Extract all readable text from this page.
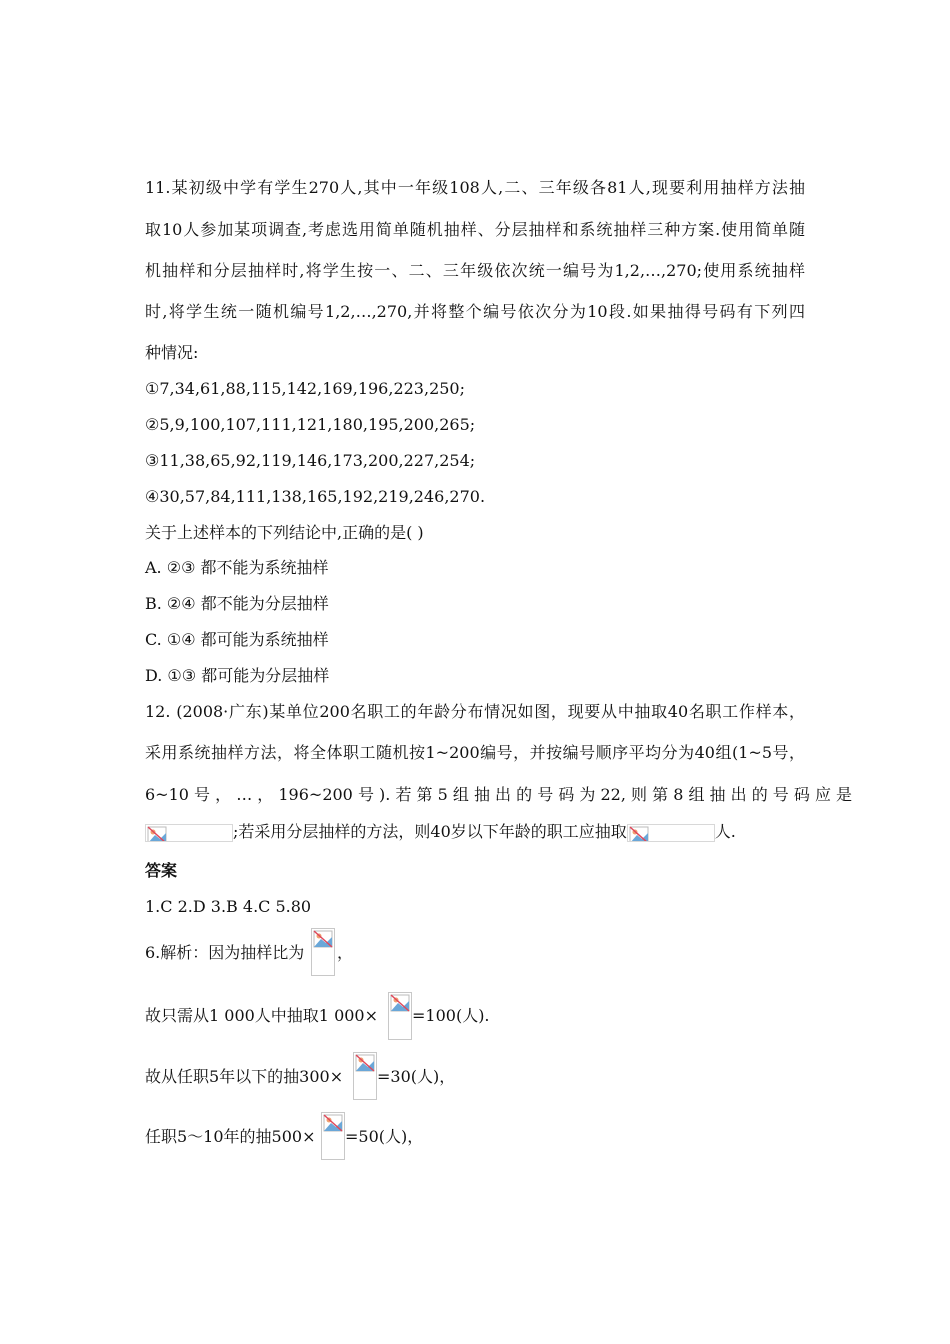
11.某初级中学有学生270人,其中一年级108人,二、三年级各81人,现要利用抽样方法抽
取10人参加某项调查,考虑选用简单随机抽样、分层抽样和系统抽样三种方案.使用简单随
机抽样和分层抽样时,将学生按一、二、三年级依次统一编号为1,2,…,270;使用系统抽样
时,将学生统一随机编号1,2,…,270,并将整个编号依次分为10段.如果抽得号码有下列四
种情况:
①7,34,61,88,115,142,169,196,223,250;
②5,9,100,107,111,121,180,195,200,265;
③11,38,65,92,119,146,173,200,227,254;
④30,57,84,111,138,165,192,219,246,270.
关于上述样本的下列结论中,正确的是( )
A. ②③ 都不能为系统抽样
B. ②④ 都不能为分层抽样
C. ①④ 都可能为系统抽样
D. ①③ 都可能为分层抽样
12. (2008·广东)某单位200名职工的年龄分布情况如图，现要从中抽取40名职工作样本，
采用系统抽样方法，将全体职工随机按1~200编号，并按编号顺序平均分为40组(1~5号，
6~10 号 ， … ， 196~200 号 ). 若 第 5 组 抽 出 的 号 码 为 22, 则 第 8 组 抽 出 的 号 码 应 是
;若采用分层抽样的方法，则40岁以下年龄的职工应抽取	人.
答案
1.C 2.D 3.B 4.C 5.80
6.解析：因为抽样比为 ，
故只需从1 000人中抽取1 000× =100(人).
故从任职5年以下的抽300× =30(人)，
任职5～10年的抽500× =50(人)，
